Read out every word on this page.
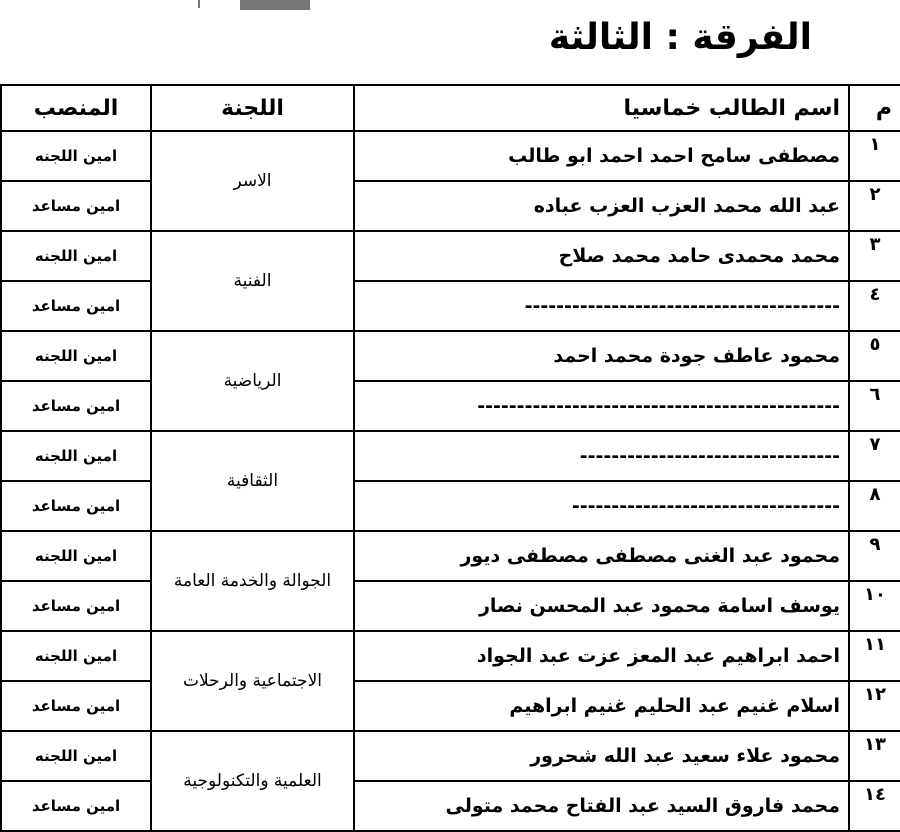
الفرقة : الثالثة
م	اسم الطالب خماسيا	اللجنة	المنصب
١	مصطفى سامح احمد احمد ابو طالب	الاسر	امين اللجنه
٢	عبد الله محمد العزب العزب عباده		امين مساعد
٣	محمد محمدى حامد محمد صلاح	الفنية	امين اللجنه
٤	----------------------------------------		امين مساعد
٥	محمود عاطف جودة محمد احمد	الرياضية	امين اللجنه
٦	----------------------------------------------		امين مساعد
٧	---------------------------------	الثقافية	امين اللجنه
٨	----------------------------------		امين مساعد
٩	محمود عبد الغنى مصطفى مصطفى ديور	الجوالة والخدمة العامة	امين اللجنه
١٠	يوسف اسامة محمود عبد المحسن نصار		امين مساعد
١١	احمد ابراهيم عبد المعز عزت عبد الجواد	الاجتماعية والرحلات	امين اللجنه
١٢	اسلام غنيم عبد الحليم غنيم ابراهيم		امين مساعد
١٣	محمود علاء سعيد عبد الله شحرور	العلمية والتكنولوجية	امين اللجنه
١٤	محمد فاروق السيد عبد الفتاح محمد متولى		امين مساعد
